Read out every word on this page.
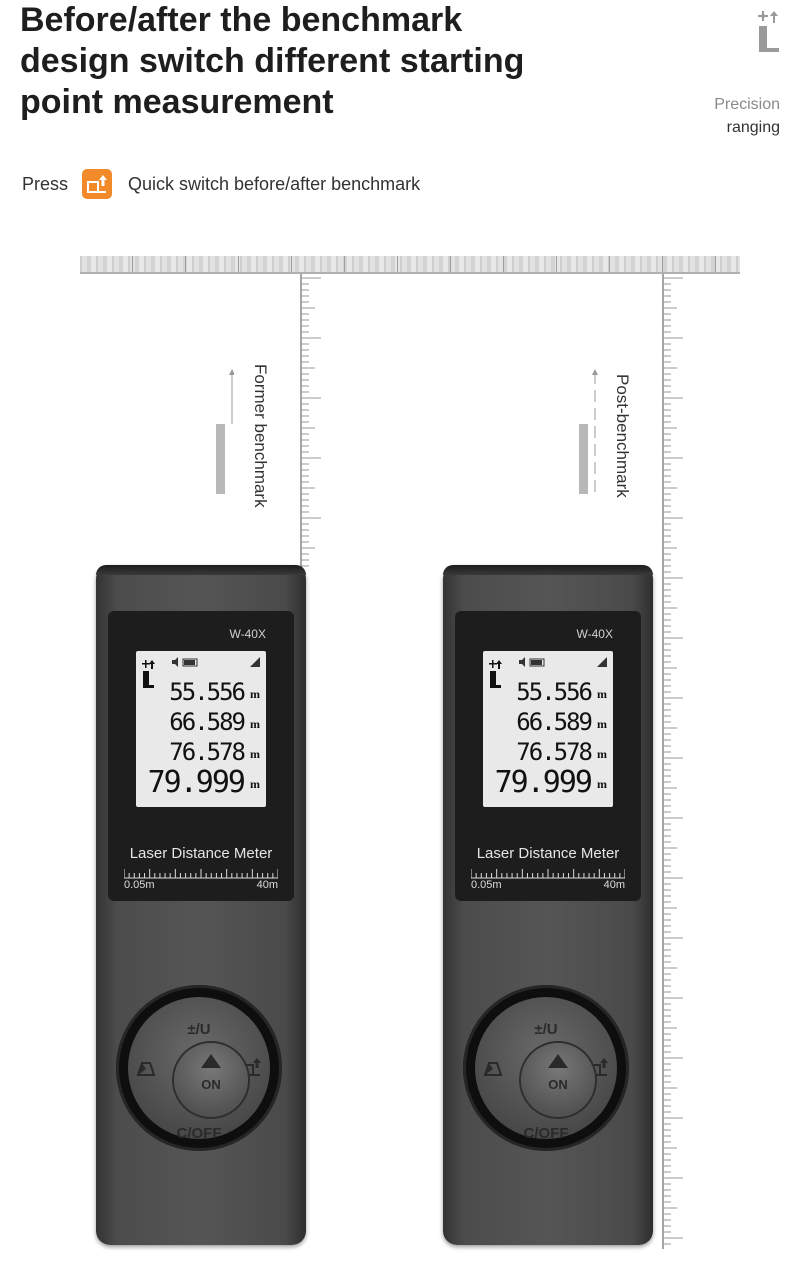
Before/after the benchmark
design switch different starting
point measurement	Precision
ranging
Press	Quick switch before/after benchmark
Former benchmark	Post-benchmark
W-40X
55.556 m
66.589 m
76.578 m
79.999 m
Laser Distance Meter
0.05m	40m
±/U
C/OFF
ON
W-40X
55.556 m
66.589 m
76.578 m
79.999 m
Laser Distance Meter
0.05m	40m
±/U
C/OFF
ON
